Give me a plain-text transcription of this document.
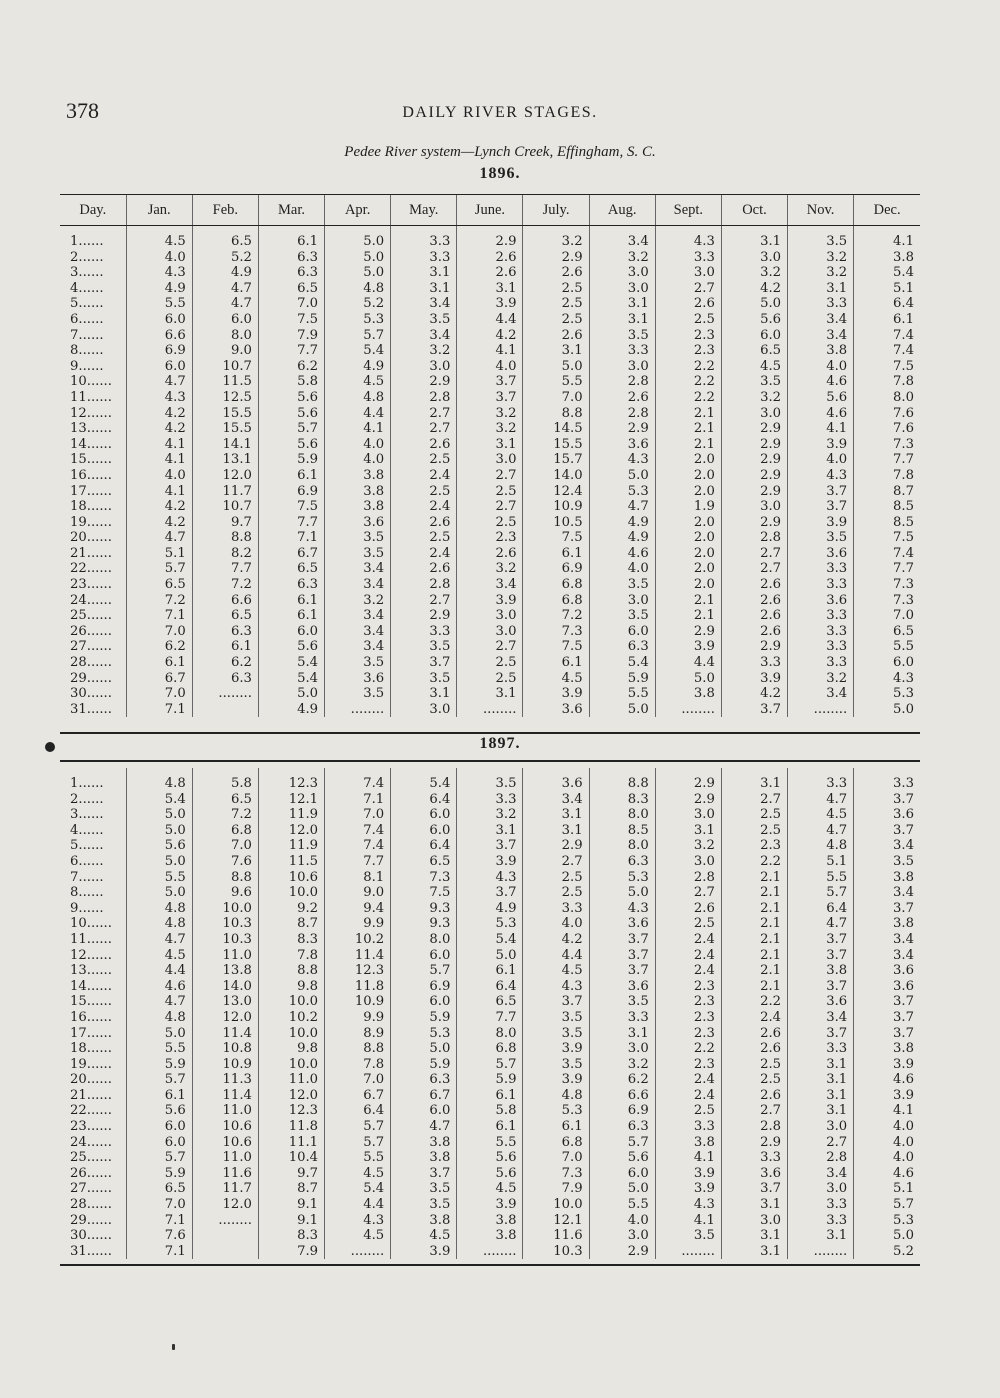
378	DAILY RIVER STAGES.
Pedee River system—Lynch Creek, Effingham, S. C.
1896.
Day.	Jan.	Feb.	Mar.	Apr.	May.	June.	July.	Aug.	Sept.	Oct.	Nov.	Dec.
1......	4.5	6.5	6.1	5.0	3.3	2.9	3.2	3.4	4.3	3.1	3.5	4.1
2......	4.0	5.2	6.3	5.0	3.3	2.6	2.9	3.2	3.3	3.0	3.2	3.8
3......	4.3	4.9	6.3	5.0	3.1	2.6	2.6	3.0	3.0	3.2	3.2	5.4
4......	4.9	4.7	6.5	4.8	3.1	3.1	2.5	3.0	2.7	4.2	3.1	5.1
5......	5.5	4.7	7.0	5.2	3.4	3.9	2.5	3.1	2.6	5.0	3.3	6.4
6......	6.0	6.0	7.5	5.3	3.5	4.4	2.5	3.1	2.5	5.6	3.4	6.1
7......	6.6	8.0	7.9	5.7	3.4	4.2	2.6	3.5	2.3	6.0	3.4	7.4
8......	6.9	9.0	7.7	5.4	3.2	4.1	3.1	3.3	2.3	6.5	3.8	7.4
9......	6.0	10.7	6.2	4.9	3.0	4.0	5.0	3.0	2.2	4.5	4.0	7.5
10......	4.7	11.5	5.8	4.5	2.9	3.7	5.5	2.8	2.2	3.5	4.6	7.8
11......	4.3	12.5	5.6	4.8	2.8	3.7	7.0	2.6	2.2	3.2	5.6	8.0
12......	4.2	15.5	5.6	4.4	2.7	3.2	8.8	2.8	2.1	3.0	4.6	7.6
13......	4.2	15.5	5.7	4.1	2.7	3.2	14.5	2.9	2.1	2.9	4.1	7.6
14......	4.1	14.1	5.6	4.0	2.6	3.1	15.5	3.6	2.1	2.9	3.9	7.3
15......	4.1	13.1	5.9	4.0	2.5	3.0	15.7	4.3	2.0	2.9	4.0	7.7
16......	4.0	12.0	6.1	3.8	2.4	2.7	14.0	5.0	2.0	2.9	4.3	7.8
17......	4.1	11.7	6.9	3.8	2.5	2.5	12.4	5.3	2.0	2.9	3.7	8.7
18......	4.2	10.7	7.5	3.8	2.4	2.7	10.9	4.7	1.9	3.0	3.7	8.5
19......	4.2	9.7	7.7	3.6	2.6	2.5	10.5	4.9	2.0	2.9	3.9	8.5
20......	4.7	8.8	7.1	3.5	2.5	2.3	7.5	4.9	2.0	2.8	3.5	7.5
21......	5.1	8.2	6.7	3.5	2.4	2.6	6.1	4.6	2.0	2.7	3.6	7.4
22......	5.7	7.7	6.5	3.4	2.6	3.2	6.9	4.0	2.0	2.7	3.3	7.7
23......	6.5	7.2	6.3	3.4	2.8	3.4	6.8	3.5	2.0	2.6	3.3	7.3
24......	7.2	6.6	6.1	3.2	2.7	3.9	6.8	3.0	2.1	2.6	3.6	7.3
25......	7.1	6.5	6.1	3.4	2.9	3.0	7.2	3.5	2.1	2.6	3.3	7.0
26......	7.0	6.3	6.0	3.4	3.3	3.0	7.3	6.0	2.9	2.6	3.3	6.5
27......	6.2	6.1	5.6	3.4	3.5	2.7	7.5	6.3	3.9	2.9	3.3	5.5
28......	6.1	6.2	5.4	3.5	3.7	2.5	6.1	5.4	4.4	3.3	3.3	6.0
29......	6.7	6.3	5.4	3.6	3.5	2.5	4.5	5.9	5.0	3.9	3.2	4.3
30......	7.0	........	5.0	3.5	3.1	3.1	3.9	5.5	3.8	4.2	3.4	5.3
31......	7.1		4.9	........	3.0	........	3.6	5.0	........	3.7	........	5.0
1897.
1......	4.8	5.8	12.3	7.4	5.4	3.5	3.6	8.8	2.9	3.1	3.3	3.3
2......	5.4	6.5	12.1	7.1	6.4	3.3	3.4	8.3	2.9	2.7	4.7	3.7
3......	5.0	7.2	11.9	7.0	6.0	3.2	3.1	8.0	3.0	2.5	4.5	3.6
4......	5.0	6.8	12.0	7.4	6.0	3.1	3.1	8.5	3.1	2.5	4.7	3.7
5......	5.6	7.0	11.9	7.4	6.4	3.7	2.9	8.0	3.2	2.3	4.8	3.4
6......	5.0	7.6	11.5	7.7	6.5	3.9	2.7	6.3	3.0	2.2	5.1	3.5
7......	5.5	8.8	10.6	8.1	7.3	4.3	2.5	5.3	2.8	2.1	5.5	3.8
8......	5.0	9.6	10.0	9.0	7.5	3.7	2.5	5.0	2.7	2.1	5.7	3.4
9......	4.8	10.0	9.2	9.4	9.3	4.9	3.3	4.3	2.6	2.1	6.4	3.7
10......	4.8	10.3	8.7	9.9	9.3	5.3	4.0	3.6	2.5	2.1	4.7	3.8
11......	4.7	10.3	8.3	10.2	8.0	5.4	4.2	3.7	2.4	2.1	3.7	3.4
12......	4.5	11.0	7.8	11.4	6.0	5.0	4.4	3.7	2.4	2.1	3.7	3.4
13......	4.4	13.8	8.8	12.3	5.7	6.1	4.5	3.7	2.4	2.1	3.8	3.6
14......	4.6	14.0	9.8	11.8	6.9	6.4	4.3	3.6	2.3	2.1	3.7	3.6
15......	4.7	13.0	10.0	10.9	6.0	6.5	3.7	3.5	2.3	2.2	3.6	3.7
16......	4.8	12.0	10.2	9.9	5.9	7.7	3.5	3.3	2.3	2.4	3.4	3.7
17......	5.0	11.4	10.0	8.9	5.3	8.0	3.5	3.1	2.3	2.6	3.7	3.7
18......	5.5	10.8	9.8	8.8	5.0	6.8	3.9	3.0	2.2	2.6	3.3	3.8
19......	5.9	10.9	10.0	7.8	5.9	5.7	3.5	3.2	2.3	2.5	3.1	3.9
20......	5.7	11.3	11.0	7.0	6.3	5.9	3.9	6.2	2.4	2.5	3.1	4.6
21......	6.1	11.4	12.0	6.7	6.7	6.1	4.8	6.6	2.4	2.6	3.1	3.9
22......	5.6	11.0	12.3	6.4	6.0	5.8	5.3	6.9	2.5	2.7	3.1	4.1
23......	6.0	10.6	11.8	5.7	4.7	6.1	6.1	6.3	3.3	2.8	3.0	4.0
24......	6.0	10.6	11.1	5.7	3.8	5.5	6.8	5.7	3.8	2.9	2.7	4.0
25......	5.7	11.0	10.4	5.5	3.8	5.6	7.0	5.6	4.1	3.3	2.8	4.0
26......	5.9	11.6	9.7	4.5	3.7	5.6	7.3	6.0	3.9	3.6	3.4	4.6
27......	6.5	11.7	8.7	5.4	3.5	4.5	7.9	5.0	3.9	3.7	3.0	5.1
28......	7.0	12.0	9.1	4.4	3.5	3.9	10.0	5.5	4.3	3.1	3.3	5.7
29......	7.1	........	9.1	4.3	3.8	3.8	12.1	4.0	4.1	3.0	3.3	5.3
30......	7.6		8.3	4.5	4.5	3.8	11.6	3.0	3.5	3.1	3.1	5.0
31......	7.1		7.9	........	3.9	........	10.3	2.9	........	3.1	........	5.2
